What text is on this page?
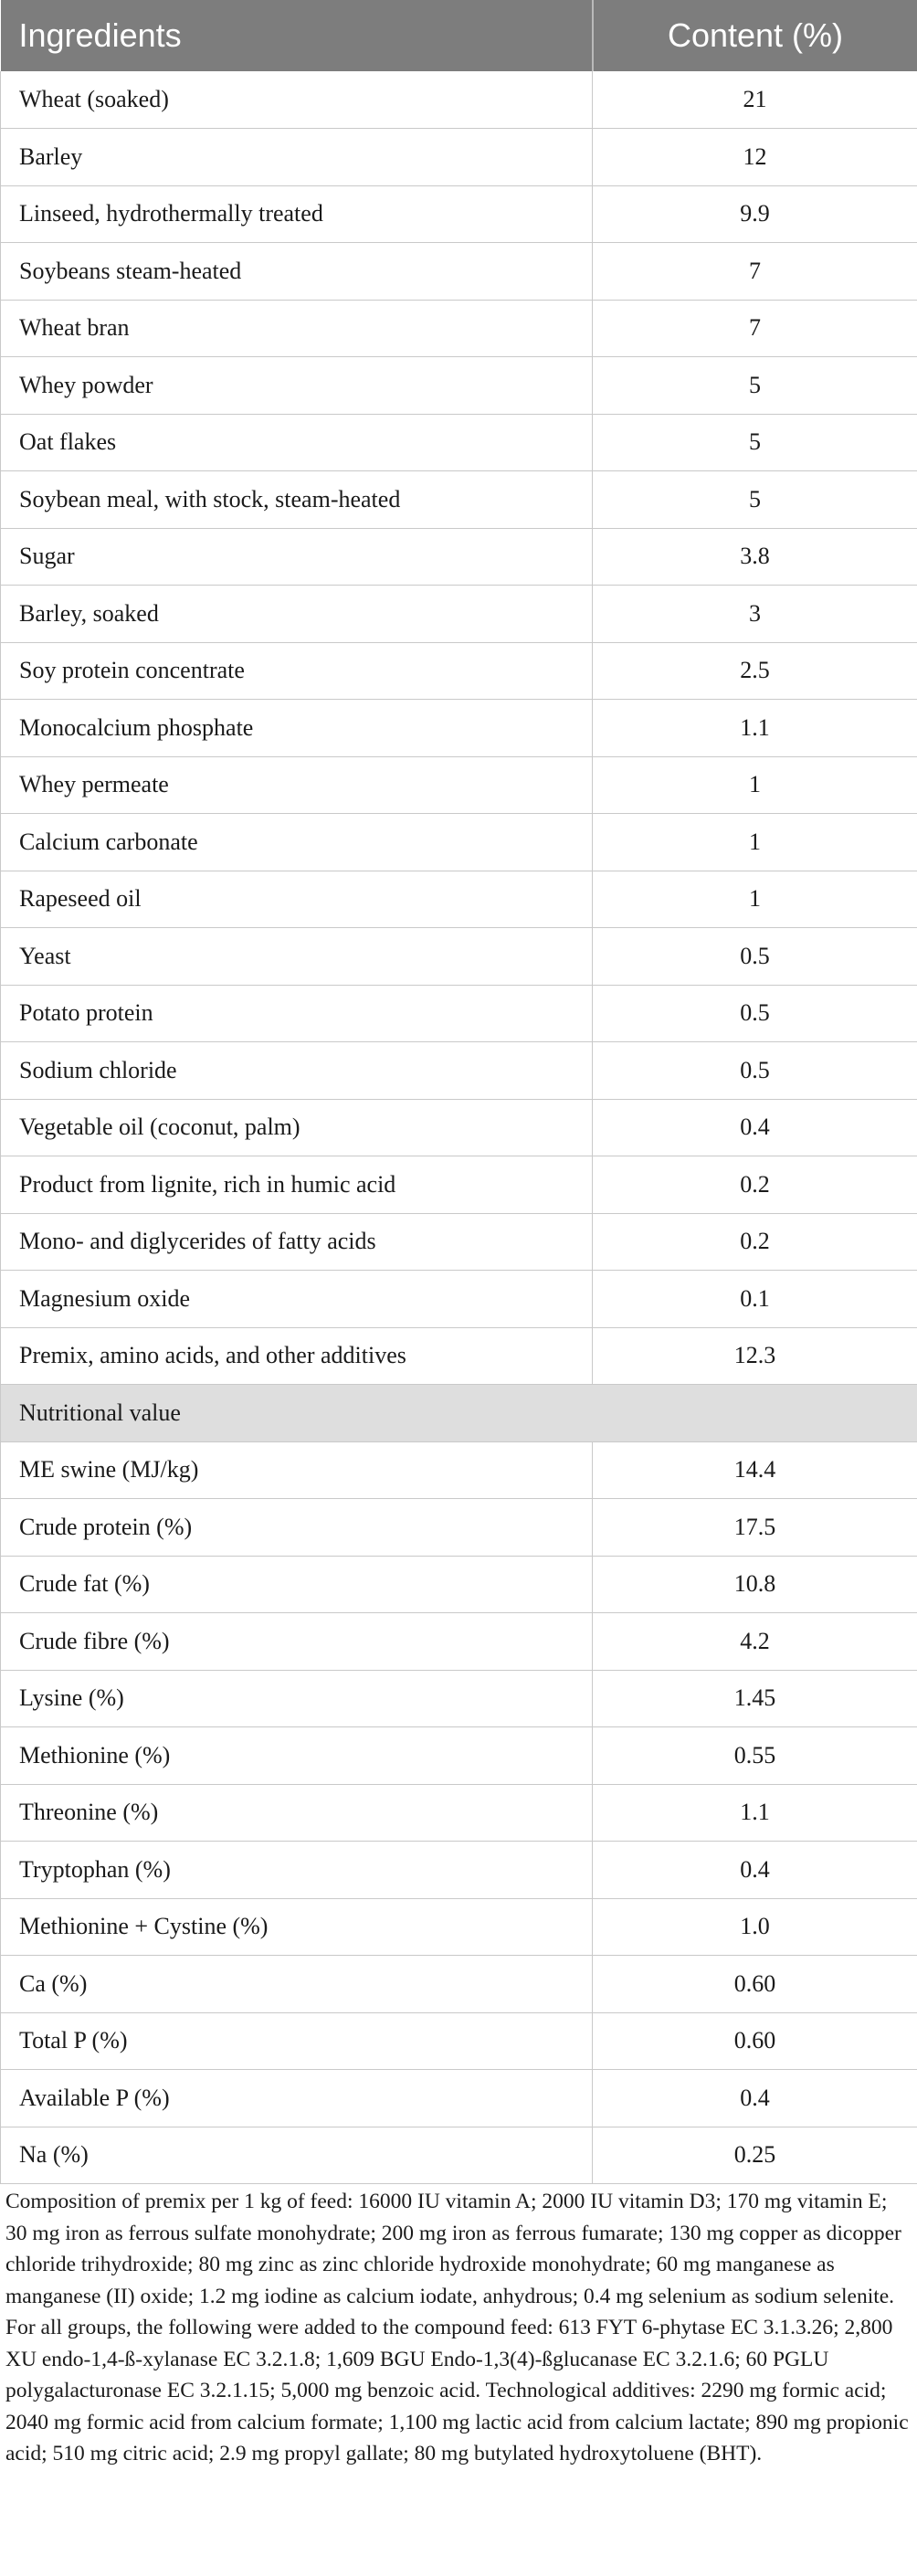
Ingredients	Content (%)
Wheat (soaked)	21
Barley	12
Linseed, hydrothermally treated	9.9
Soybeans steam-heated	7
Wheat bran	7
Whey powder	5
Oat flakes	5
Soybean meal, with stock, steam-heated	5
Sugar	3.8
Barley, soaked	3
Soy protein concentrate	2.5
Monocalcium phosphate	1.1
Whey permeate	1
Calcium carbonate	1
Rapeseed oil	1
Yeast	0.5
Potato protein	0.5
Sodium chloride	0.5
Vegetable oil (coconut, palm)	0.4
Product from lignite, rich in humic acid	0.2
Mono- and diglycerides of fatty acids	0.2
Magnesium oxide	0.1
Premix, amino acids, and other additives	12.3
Nutritional value	
ME swine (MJ/kg)	14.4
Crude protein (%)	17.5
Crude fat (%)	10.8
Crude fibre (%)	4.2
Lysine (%)	1.45
Methionine (%)	0.55
Threonine (%)	1.1
Tryptophan (%)	0.4
Methionine + Cystine (%)	1.0
Ca (%)	0.60
Total P (%)	0.60
Available P (%)	0.4
Na (%)	0.25
Composition of premix per 1 kg of feed: 16000 IU vitamin A; 2000 IU vitamin D3; 170 mg vitamin E; 30 mg iron as ferrous sulfate monohydrate; 200 mg iron as ferrous fumarate; 130 mg copper as dicopper chloride trihydroxide; 80 mg zinc as zinc chloride hydroxide monohydrate; 60 mg manganese as manganese (II) oxide; 1.2 mg iodine as calcium iodate, anhydrous; 0.4 mg selenium as sodium selenite. For all groups, the following were added to the compound feed: 613 FYT 6-phytase EC 3.1.3.26; 2,800 XU endo-1,4-ß-xylanase EC 3.2.1.8; 1,609 BGU Endo-1,3(4)-ßglucanase EC 3.2.1.6; 60 PGLU polygalacturonase EC 3.2.1.15; 5,000 mg benzoic acid. Technological additives: 2290 mg formic acid; 2040 mg formic acid from calcium formate; 1,100 mg lactic acid from calcium lactate; 890 mg propionic acid; 510 mg citric acid; 2.9 mg propyl gallate; 80 mg butylated hydroxytoluene (BHT).
